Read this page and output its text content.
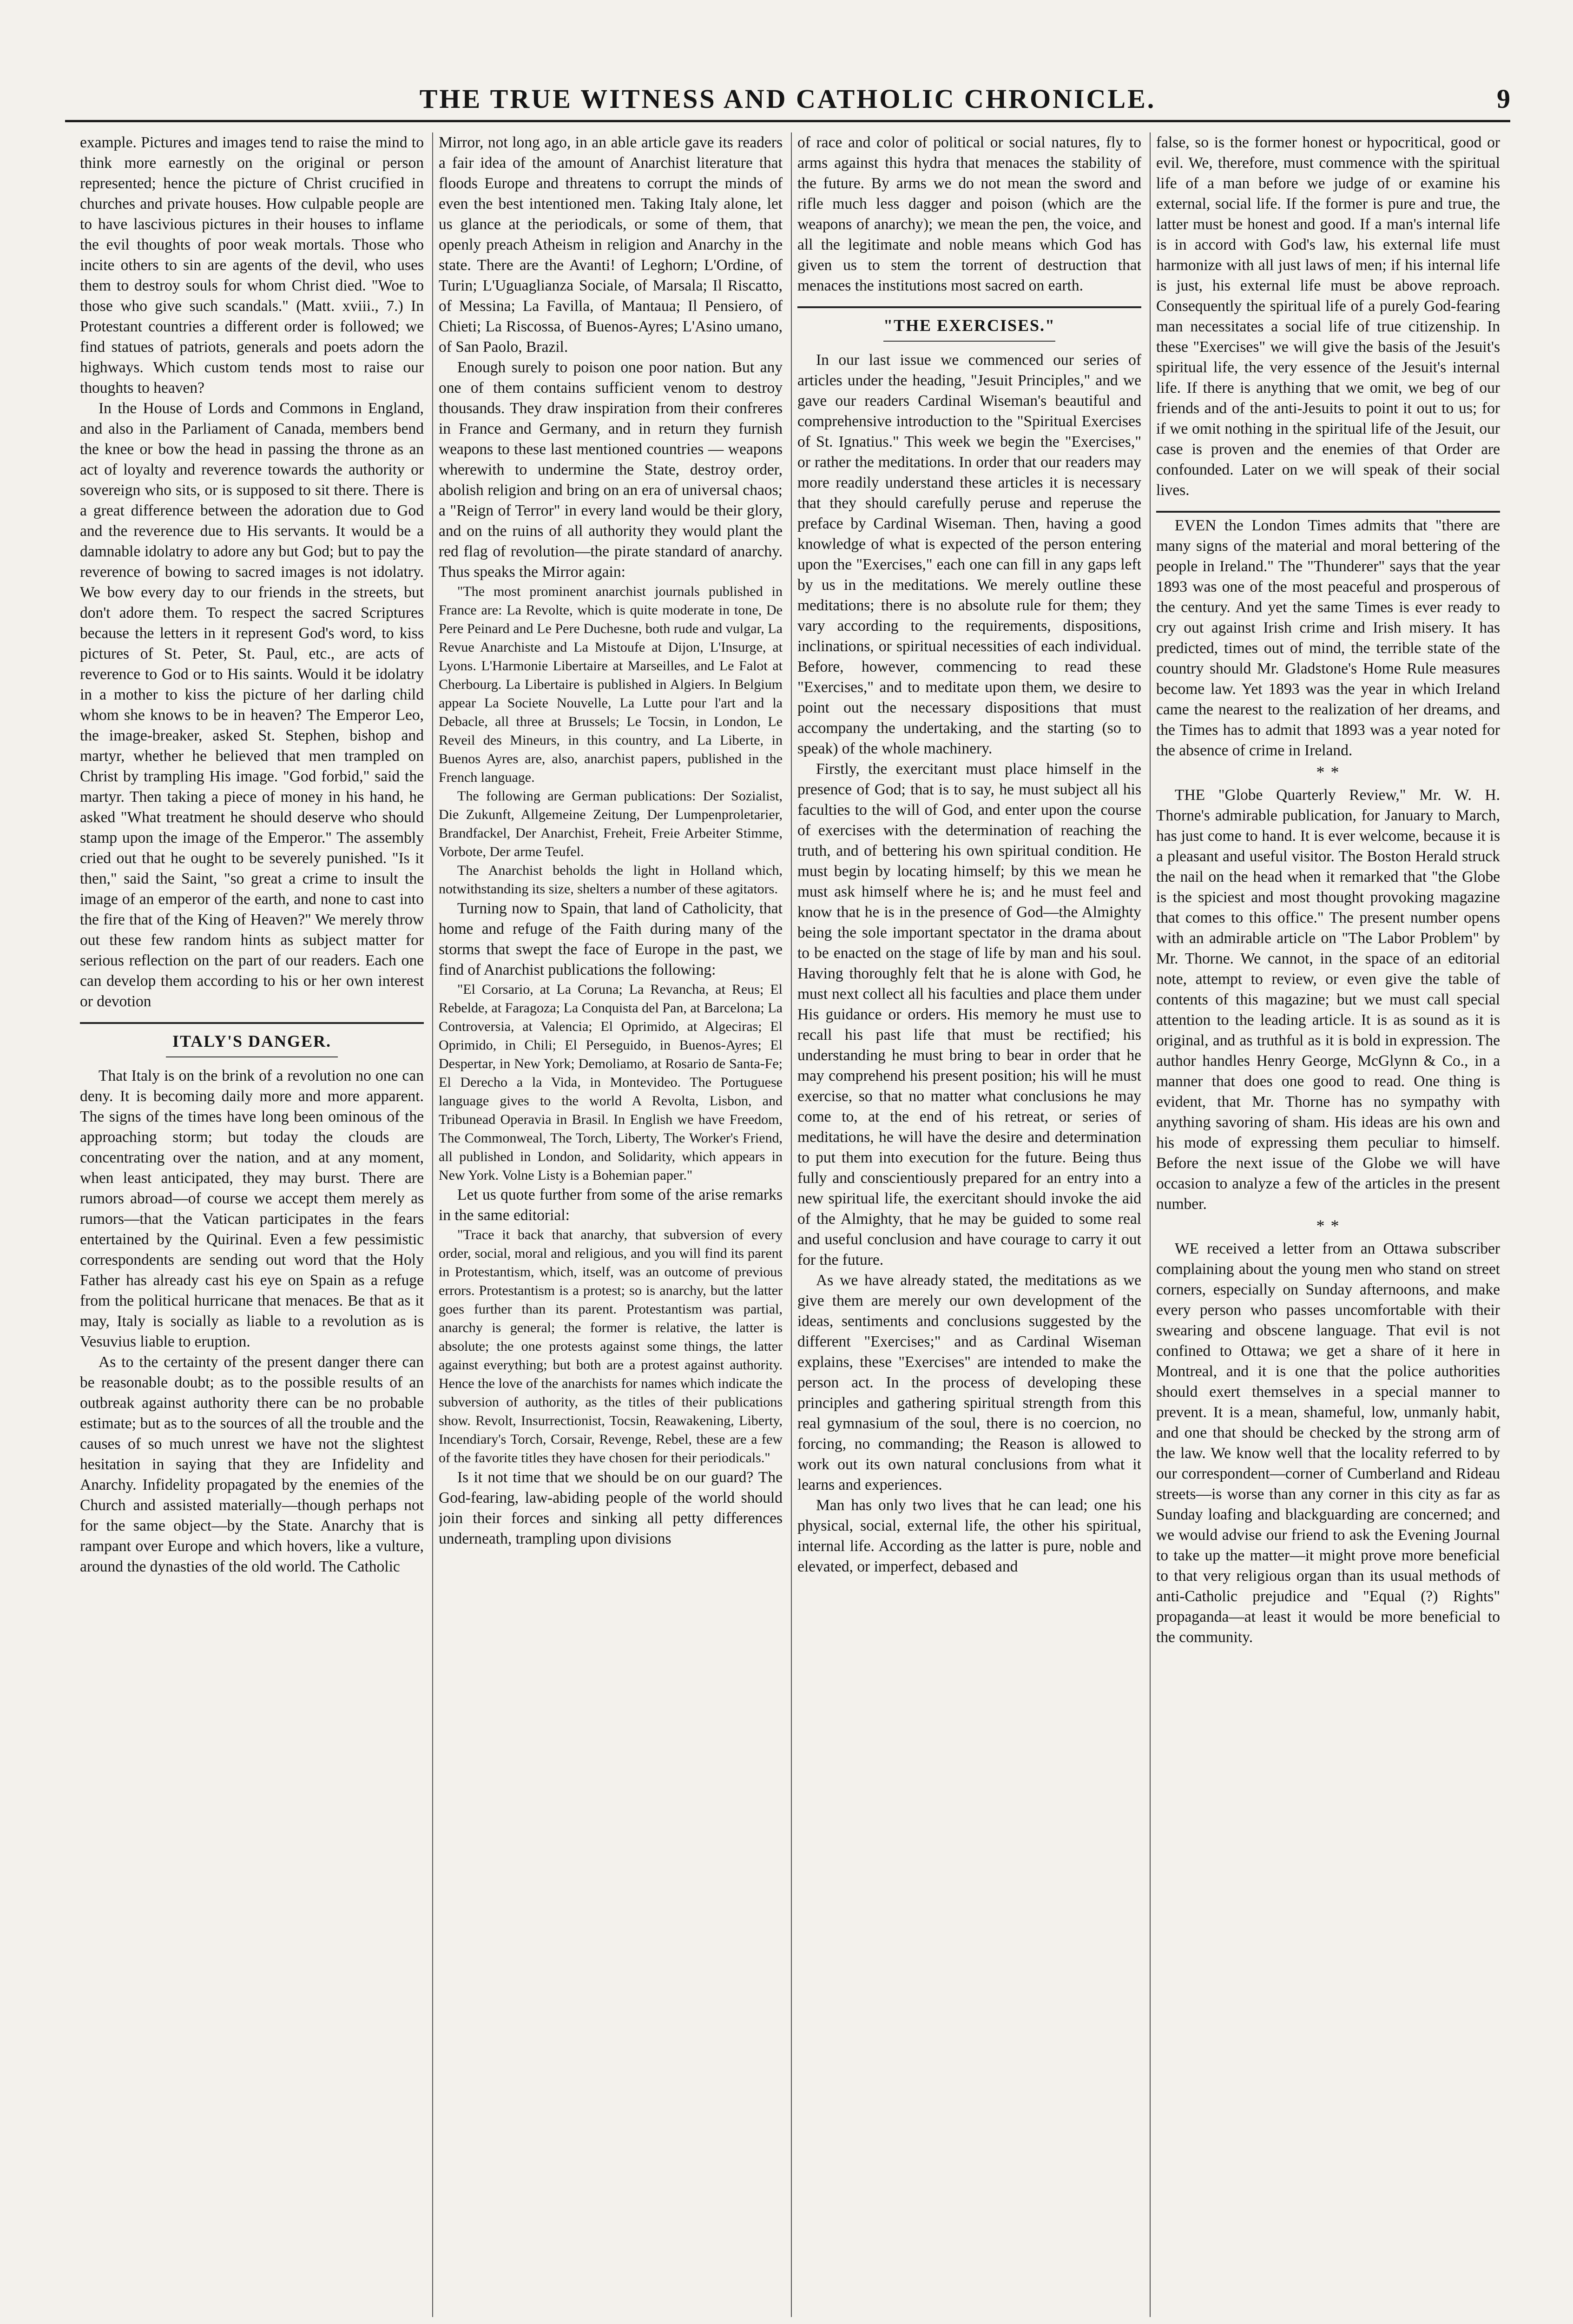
THE TRUE WITNESS AND CATHOLIC CHRONICLE.	9

example. Pictures and images tend to raise the mind to think more earnestly on the original or person represented; hence the picture of Christ crucified in churches and private houses. How culpable people are to have lascivious pictures in their houses to inflame the evil thoughts of poor weak mortals. Those who incite others to sin are agents of the devil, who uses them to destroy souls for whom Christ died. "Woe to those who give such scandals." (Matt. xviii., 7.) In Protestant countries a different order is followed; we find statues of patriots, generals and poets adorn the highways. Which custom tends most to raise our thoughts to heaven?

In the House of Lords and Commons in England, and also in the Parliament of Canada, members bend the knee or bow the head in passing the throne as an act of loyalty and reverence towards the authority or sovereign who sits, or is supposed to sit there. There is a great difference between the adoration due to God and the reverence due to His servants. It would be a damnable idolatry to adore any but God; but to pay the reverence of bowing to sacred images is not idolatry. We bow every day to our friends in the streets, but don't adore them. To respect the sacred Scriptures because the letters in it represent God's word, to kiss pictures of St. Peter, St. Paul, etc., are acts of reverence to God or to His saints. Would it be idolatry in a mother to kiss the picture of her darling child whom she knows to be in heaven? The Emperor Leo, the image-breaker, asked St. Stephen, bishop and martyr, whether he believed that men trampled on Christ by trampling His image. "God forbid," said the martyr. Then taking a piece of money in his hand, he asked "What treatment he should deserve who should stamp upon the image of the Emperor." The assembly cried out that he ought to be severely punished. "Is it then," said the Saint, "so great a crime to insult the image of an emperor of the earth, and none to cast into the fire that of the King of Heaven?" We merely throw out these few random hints as subject matter for serious reflection on the part of our readers. Each one can develop them according to his or her own interest or devotion

ITALY'S DANGER.

That Italy is on the brink of a revolution no one can deny. It is becoming daily more and more apparent. The signs of the times have long been ominous of the approaching storm; but today the clouds are concentrating over the nation, and at any moment, when least anticipated, they may burst. There are rumors abroad—of course we accept them merely as rumors—that the Vatican participates in the fears entertained by the Quirinal. Even a few pessimistic correspondents are sending out word that the Holy Father has already cast his eye on Spain as a refuge from the political hurricane that menaces. Be that as it may, Italy is socially as liable to a revolution as is Vesuvius liable to eruption.

As to the certainty of the present danger there can be reasonable doubt; as to the possible results of an outbreak against authority there can be no probable estimate; but as to the sources of all the trouble and the causes of so much unrest we have not the slightest hesitation in saying that they are Infidelity and Anarchy. Infidelity propagated by the enemies of the Church and assisted materially—though perhaps not for the same object—by the State. Anarchy that is rampant over Europe and which hovers, like a vulture, around the dynasties of the old world. The Catholic

Mirror, not long ago, in an able article gave its readers a fair idea of the amount of Anarchist literature that floods Europe and threatens to corrupt the minds of even the best intentioned men. Taking Italy alone, let us glance at the periodicals, or some of them, that openly preach Atheism in religion and Anarchy in the state. There are the Avanti! of Leghorn; L'Ordine, of Turin; L'Uguaglianza Sociale, of Marsala; Il Riscatto, of Messina; La Favilla, of Mantaua; Il Pensiero, of Chieti; La Riscossa, of Buenos-Ayres; L'Asino umano, of San Paolo, Brazil.

Enough surely to poison one poor nation. But any one of them contains sufficient venom to destroy thousands. They draw inspiration from their confreres in France and Germany, and in return they furnish weapons to these last mentioned countries — weapons wherewith to undermine the State, destroy order, abolish religion and bring on an era of universal chaos; a "Reign of Terror" in every land would be their glory, and on the ruins of all authority they would plant the red flag of revolution—the pirate standard of anarchy. Thus speaks the Mirror again:

"The most prominent anarchist journals published in France are: La Revolte, which is quite moderate in tone, De Pere Peinard and Le Pere Duchesne, both rude and vulgar, La Revue Anarchiste and La Mistoufe at Dijon, L'Insurge, at Lyons. L'Harmonie Libertaire at Marseilles, and Le Falot at Cherbourg. La Libertaire is published in Algiers. In Belgium appear La Societe Nouvelle, La Lutte pour l'art and la Debacle, all three at Brussels; Le Tocsin, in London, Le Reveil des Mineurs, in this country, and La Liberte, in Buenos Ayres are, also, anarchist papers, published in the French language.

The following are German publications: Der Sozialist, Die Zukunft, Allgemeine Zeitung, Der Lumpenproletarier, Brandfackel, Der Anarchist, Freheit, Freie Arbeiter Stimme, Vorbote, Der arme Teufel.

The Anarchist beholds the light in Holland which, notwithstanding its size, shelters a number of these agitators.

Turning now to Spain, that land of Catholicity, that home and refuge of the Faith during many of the storms that swept the face of Europe in the past, we find of Anarchist publications the following:

"El Corsario, at La Coruna; La Revancha, at Reus; El Rebelde, at Faragoza; La Conquista del Pan, at Barcelona; La Controversia, at Valencia; El Oprimido, at Algeciras; El Oprimido, in Chili; El Perseguido, in Buenos-Ayres; El Despertar, in New York; Demoliamo, at Rosario de Santa-Fe; El Derecho a la Vida, in Montevideo. The Portuguese language gives to the world A Revolta, Lisbon, and Tribunead Operavia in Brasil. In English we have Freedom, The Commonweal, The Torch, Liberty, The Worker's Friend, all published in London, and Solidarity, which appears in New York. Volne Listy is a Bohemian paper."

Let us quote further from some of the arise remarks in the same editorial:

"Trace it back that anarchy, that subversion of every order, social, moral and religious, and you will find its parent in Protestantism, which, itself, was an outcome of previous errors. Protestantism is a protest; so is anarchy, but the latter goes further than its parent. Protestantism was partial, anarchy is general; the former is relative, the latter is absolute; the one protests against some things, the latter against everything; but both are a protest against authority. Hence the love of the anarchists for names which indicate the subversion of authority, as the titles of their publications show. Revolt, Insurrectionist, Tocsin, Reawakening, Liberty, Incendiary's Torch, Corsair, Revenge, Rebel, these are a few of the favorite titles they have chosen for their periodicals."

Is it not time that we should be on our guard? The God-fearing, law-abiding people of the world should join their forces and sinking all petty differences underneath, trampling upon divisions

of race and color of political or social natures, fly to arms against this hydra that menaces the stability of the future. By arms we do not mean the sword and rifle much less dagger and poison (which are the weapons of anarchy); we mean the pen, the voice, and all the legitimate and noble means which God has given us to stem the torrent of destruction that menaces the institutions most sacred on earth.

"THE EXERCISES."

In our last issue we commenced our series of articles under the heading, "Jesuit Principles," and we gave our readers Cardinal Wiseman's beautiful and comprehensive introduction to the "Spiritual Exercises of St. Ignatius." This week we begin the "Exercises," or rather the meditations. In order that our readers may more readily understand these articles it is necessary that they should carefully peruse and reperuse the preface by Cardinal Wiseman. Then, having a good knowledge of what is expected of the person entering upon the "Exercises," each one can fill in any gaps left by us in the meditations. We merely outline these meditations; there is no absolute rule for them; they vary according to the requirements, dispositions, inclinations, or spiritual necessities of each individual. Before, however, commencing to read these "Exercises," and to meditate upon them, we desire to point out the necessary dispositions that must accompany the undertaking, and the starting (so to speak) of the whole machinery.

Firstly, the exercitant must place himself in the presence of God; that is to say, he must subject all his faculties to the will of God, and enter upon the course of exercises with the determination of reaching the truth, and of bettering his own spiritual condition. He must begin by locating himself; by this we mean he must ask himself where he is; and he must feel and know that he is in the presence of God—the Almighty being the sole important spectator in the drama about to be enacted on the stage of life by man and his soul. Having thoroughly felt that he is alone with God, he must next collect all his faculties and place them under His guidance or orders. His memory he must use to recall his past life that must be rectified; his understanding he must bring to bear in order that he may comprehend his present position; his will he must exercise, so that no matter what conclusions he may come to, at the end of his retreat, or series of meditations, he will have the desire and determination to put them into execution for the future. Being thus fully and conscientiously prepared for an entry into a new spiritual life, the exercitant should invoke the aid of the Almighty, that he may be guided to some real and useful conclusion and have courage to carry it out for the future.

As we have already stated, the meditations as we give them are merely our own development of the ideas, sentiments and conclusions suggested by the different "Exercises;" and as Cardinal Wiseman explains, these "Exercises" are intended to make the person act. In the process of developing these principles and gathering spiritual strength from this real gymnasium of the soul, there is no coercion, no forcing, no commanding; the Reason is allowed to work out its own natural conclusions from what it learns and experiences.

Man has only two lives that he can lead; one his physical, social, external life, the other his spiritual, internal life. According as the latter is pure, noble and elevated, or imperfect, debased and

false, so is the former honest or hypocritical, good or evil. We, therefore, must commence with the spiritual life of a man before we judge of or examine his external, social life. If the former is pure and true, the latter must be honest and good. If a man's internal life is in accord with God's law, his external life must harmonize with all just laws of men; if his internal life is just, his external life must be above reproach. Consequently the spiritual life of a purely God-fearing man necessitates a social life of true citizenship. In these "Exercises" we will give the basis of the Jesuit's spiritual life, the very essence of the Jesuit's internal life. If there is anything that we omit, we beg of our friends and of the anti-Jesuits to point it out to us; for if we omit nothing in the spiritual life of the Jesuit, our case is proven and the enemies of that Order are confounded. Later on we will speak of their social lives.

EVEN the London Times admits that "there are many signs of the material and moral bettering of the people in Ireland." The "Thunderer" says that the year 1893 was one of the most peaceful and prosperous of the century. And yet the same Times is ever ready to cry out against Irish crime and Irish misery. It has predicted, times out of mind, the terrible state of the country should Mr. Gladstone's Home Rule measures become law. Yet 1893 was the year in which Ireland came the nearest to the realization of her dreams, and the Times has to admit that 1893 was a year noted for the absence of crime in Ireland.

* *

THE "Globe Quarterly Review," Mr. W. H. Thorne's admirable publication, for January to March, has just come to hand. It is ever welcome, because it is a pleasant and useful visitor. The Boston Herald struck the nail on the head when it remarked that "the Globe is the spiciest and most thought provoking magazine that comes to this office." The present number opens with an admirable article on "The Labor Problem" by Mr. Thorne. We cannot, in the space of an editorial note, attempt to review, or even give the table of contents of this magazine; but we must call special attention to the leading article. It is as sound as it is original, and as truthful as it is bold in expression. The author handles Henry George, McGlynn & Co., in a manner that does one good to read. One thing is evident, that Mr. Thorne has no sympathy with anything savoring of sham. His ideas are his own and his mode of expressing them peculiar to himself. Before the next issue of the Globe we will have occasion to analyze a few of the articles in the present number.

* *

WE received a letter from an Ottawa subscriber complaining about the young men who stand on street corners, especially on Sunday afternoons, and make every person who passes uncomfortable with their swearing and obscene language. That evil is not confined to Ottawa; we get a share of it here in Montreal, and it is one that the police authorities should exert themselves in a special manner to prevent. It is a mean, shameful, low, unmanly habit, and one that should be checked by the strong arm of the law. We know well that the locality referred to by our correspondent—corner of Cumberland and Rideau streets—is worse than any corner in this city as far as Sunday loafing and blackguarding are concerned; and we would advise our friend to ask the Evening Journal to take up the matter—it might prove more beneficial to that very religious organ than its usual methods of anti-Catholic prejudice and "Equal (?) Rights" propaganda—at least it would be more beneficial to the community.
